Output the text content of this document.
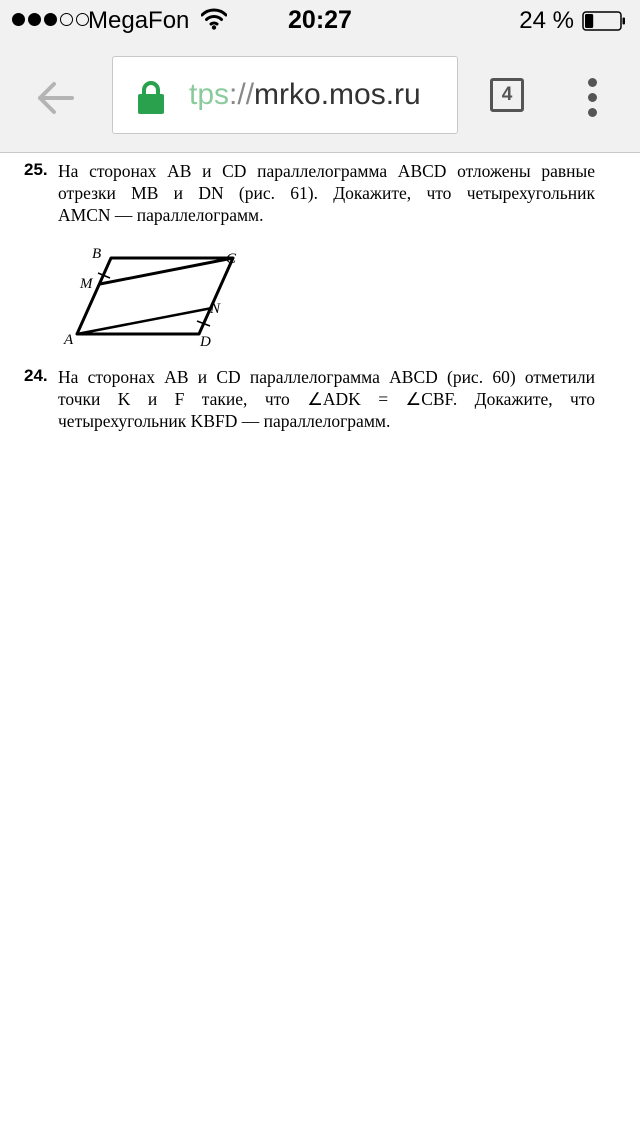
MegaFon	20:27	24 %
tps://mrko.mos.ru	4
25. На сторонах AB и CD параллелограмма ABCD отложены равные
отрезки MB и DN (рис. 61). Докажите, что четырехугольник
AMCN — параллелограмм.
B	C
M
N
A	D
24. На сторонах AB и CD параллелограмма ABCD (рис. 60) отметили
точки K и F такие, что ∠ADK = ∠CBF. Докажите, что
четырехугольник KBFD — параллелограмм.
